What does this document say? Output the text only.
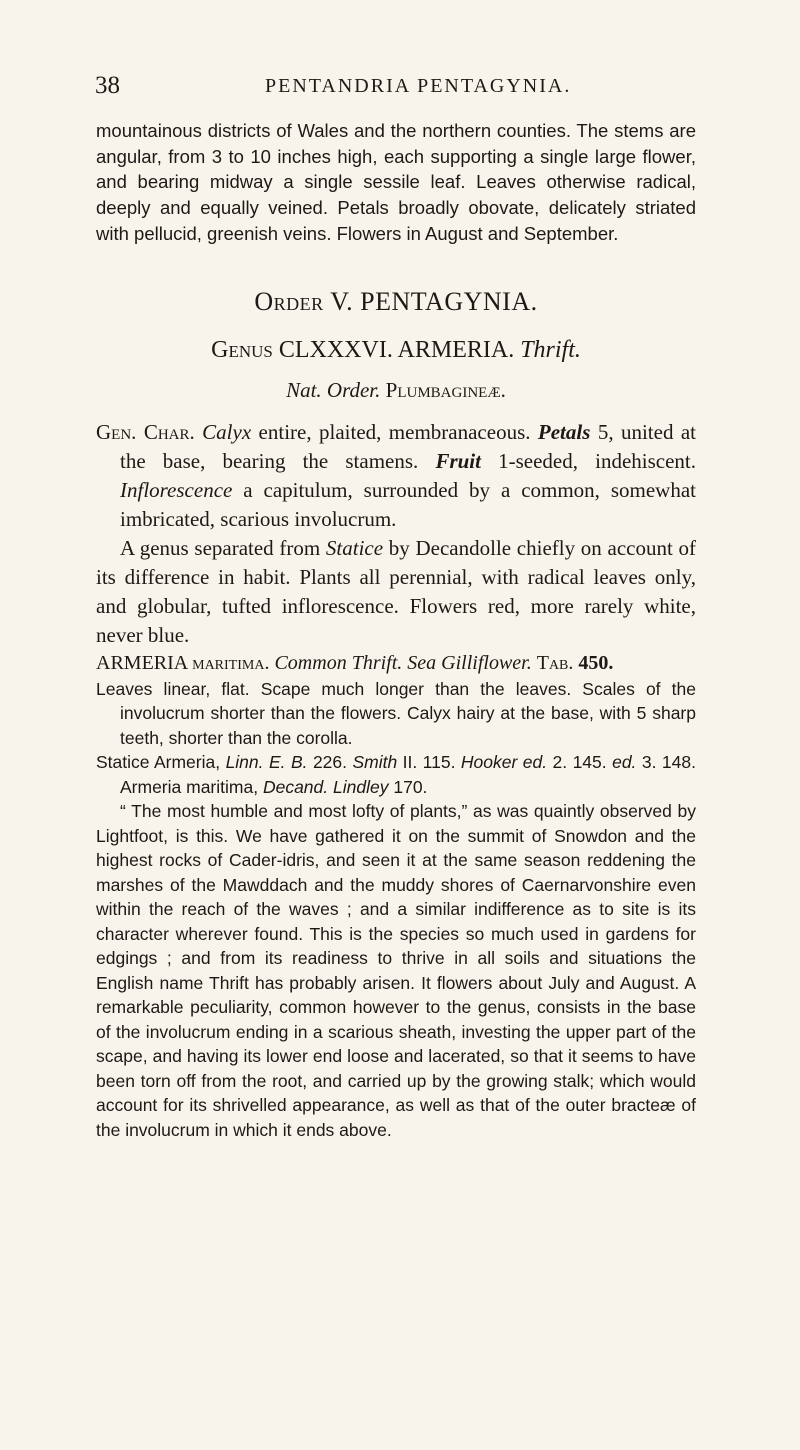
38	PENTANDRIA PENTAGYNIA.

mountainous districts of Wales and the northern counties. The stems are angular, from 3 to 10 inches high, each supporting a single large flower, and bearing midway a single sessile leaf. Leaves otherwise radical, deeply and equally veined. Petals broadly obovate, delicately striated with pellucid, greenish veins. Flowers in August and September.

Order V. PENTAGYNIA.
Genus CLXXXVI. ARMERIA. Thrift.
Nat. Order. Plumbagineæ.

Gen. Char. Calyx entire, plaited, membranaceous. Petals 5, united at the base, bearing the stamens. Fruit 1-seeded, indehiscent. Inflorescence a capitulum, surrounded by a common, somewhat imbricated, scarious involucrum.

A genus separated from Statice by Decandolle chiefly on account of its difference in habit. Plants all perennial, with radical leaves only, and globular, tufted inflorescence. Flowers red, more rarely white, never blue.

ARMERIA maritima. Common Thrift. Sea Gilliflower. Tab. 450.

Leaves linear, flat. Scape much longer than the leaves. Scales of the involucrum shorter than the flowers. Calyx hairy at the base, with 5 sharp teeth, shorter than the corolla.

Statice Armeria, Linn. E. B. 226. Smith II. 115. Hooker ed. 2. 145. ed. 3. 148. Armeria maritima, Decand. Lindley 170.

“ The most humble and most lofty of plants,” as was quaintly observed by Lightfoot, is this. We have gathered it on the summit of Snowdon and the highest rocks of Cader-idris, and seen it at the same season reddening the marshes of the Mawddach and the muddy shores of Caernarvonshire even within the reach of the waves ; and a similar indifference as to site is its character wherever found. This is the species so much used in gardens for edgings ; and from its readiness to thrive in all soils and situations the English name Thrift has probably arisen. It flowers about July and August. A remarkable peculiarity, common however to the genus, consists in the base of the involucrum ending in a scarious sheath, investing the upper part of the scape, and having its lower end loose and lacerated, so that it seems to have been torn off from the root, and carried up by the growing stalk; which would account for its shrivelled appearance, as well as that of the outer bracteæ of the involucrum in which it ends above.
